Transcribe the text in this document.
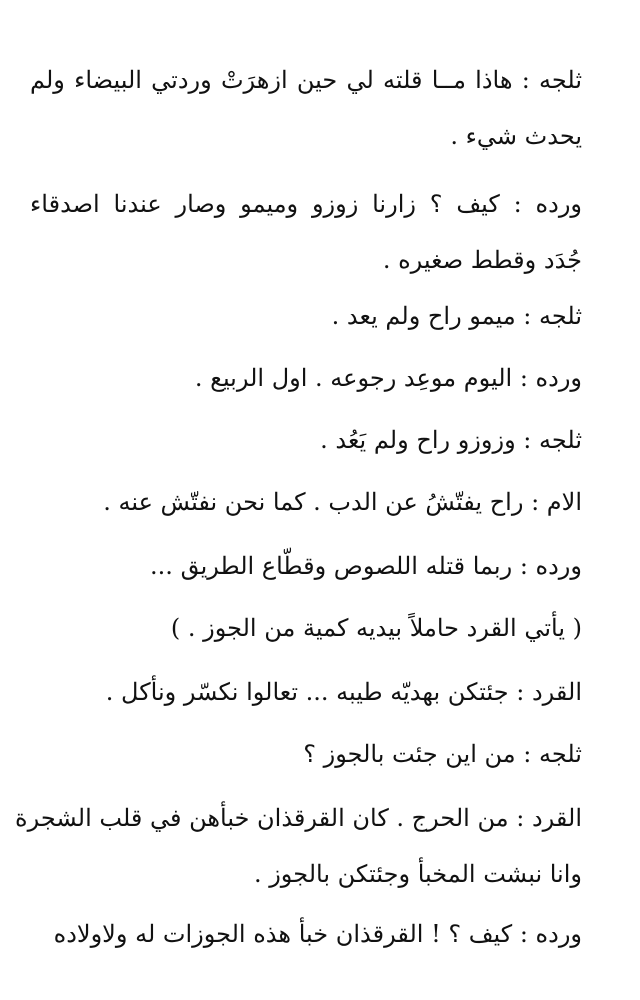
ثلجه : هاذا مــا قلته لي حين ازهرَتْ وردتي البيضاء ولم
يحدث شيء .
ورده : كيف ؟ زارنا زوزو وميمو وصار عندنا اصدقاء
جُدَد وقطط صغيره .
ثلجه : ميمو راح ولم يعد .
ورده : اليوم موعِد رجوعه . اول الربيع .
ثلجه : وزوزو راح ولم يَعُد .
الام : راح يفتّشُ عن الدب . كما نحن نفتّش عنه .
ورده : ربما قتله اللصوص وقطّاع الطريق ...
( يأتي القرد حاملاً بيديه كمية من الجوز . )
القرد : جئتكن بهديّه طيبه ... تعالوا نكسّر ونأكل .
ثلجه : من اين جئت بالجوز ؟
القرد : من الحرج . كان القرقذان خبأهن في قلب الشجرة
وانا نبشت المخبأ وجئتكن بالجوز .
ورده : كيف ؟ ! القرقذان خبأ هذه الجوزات له ولاولاده
